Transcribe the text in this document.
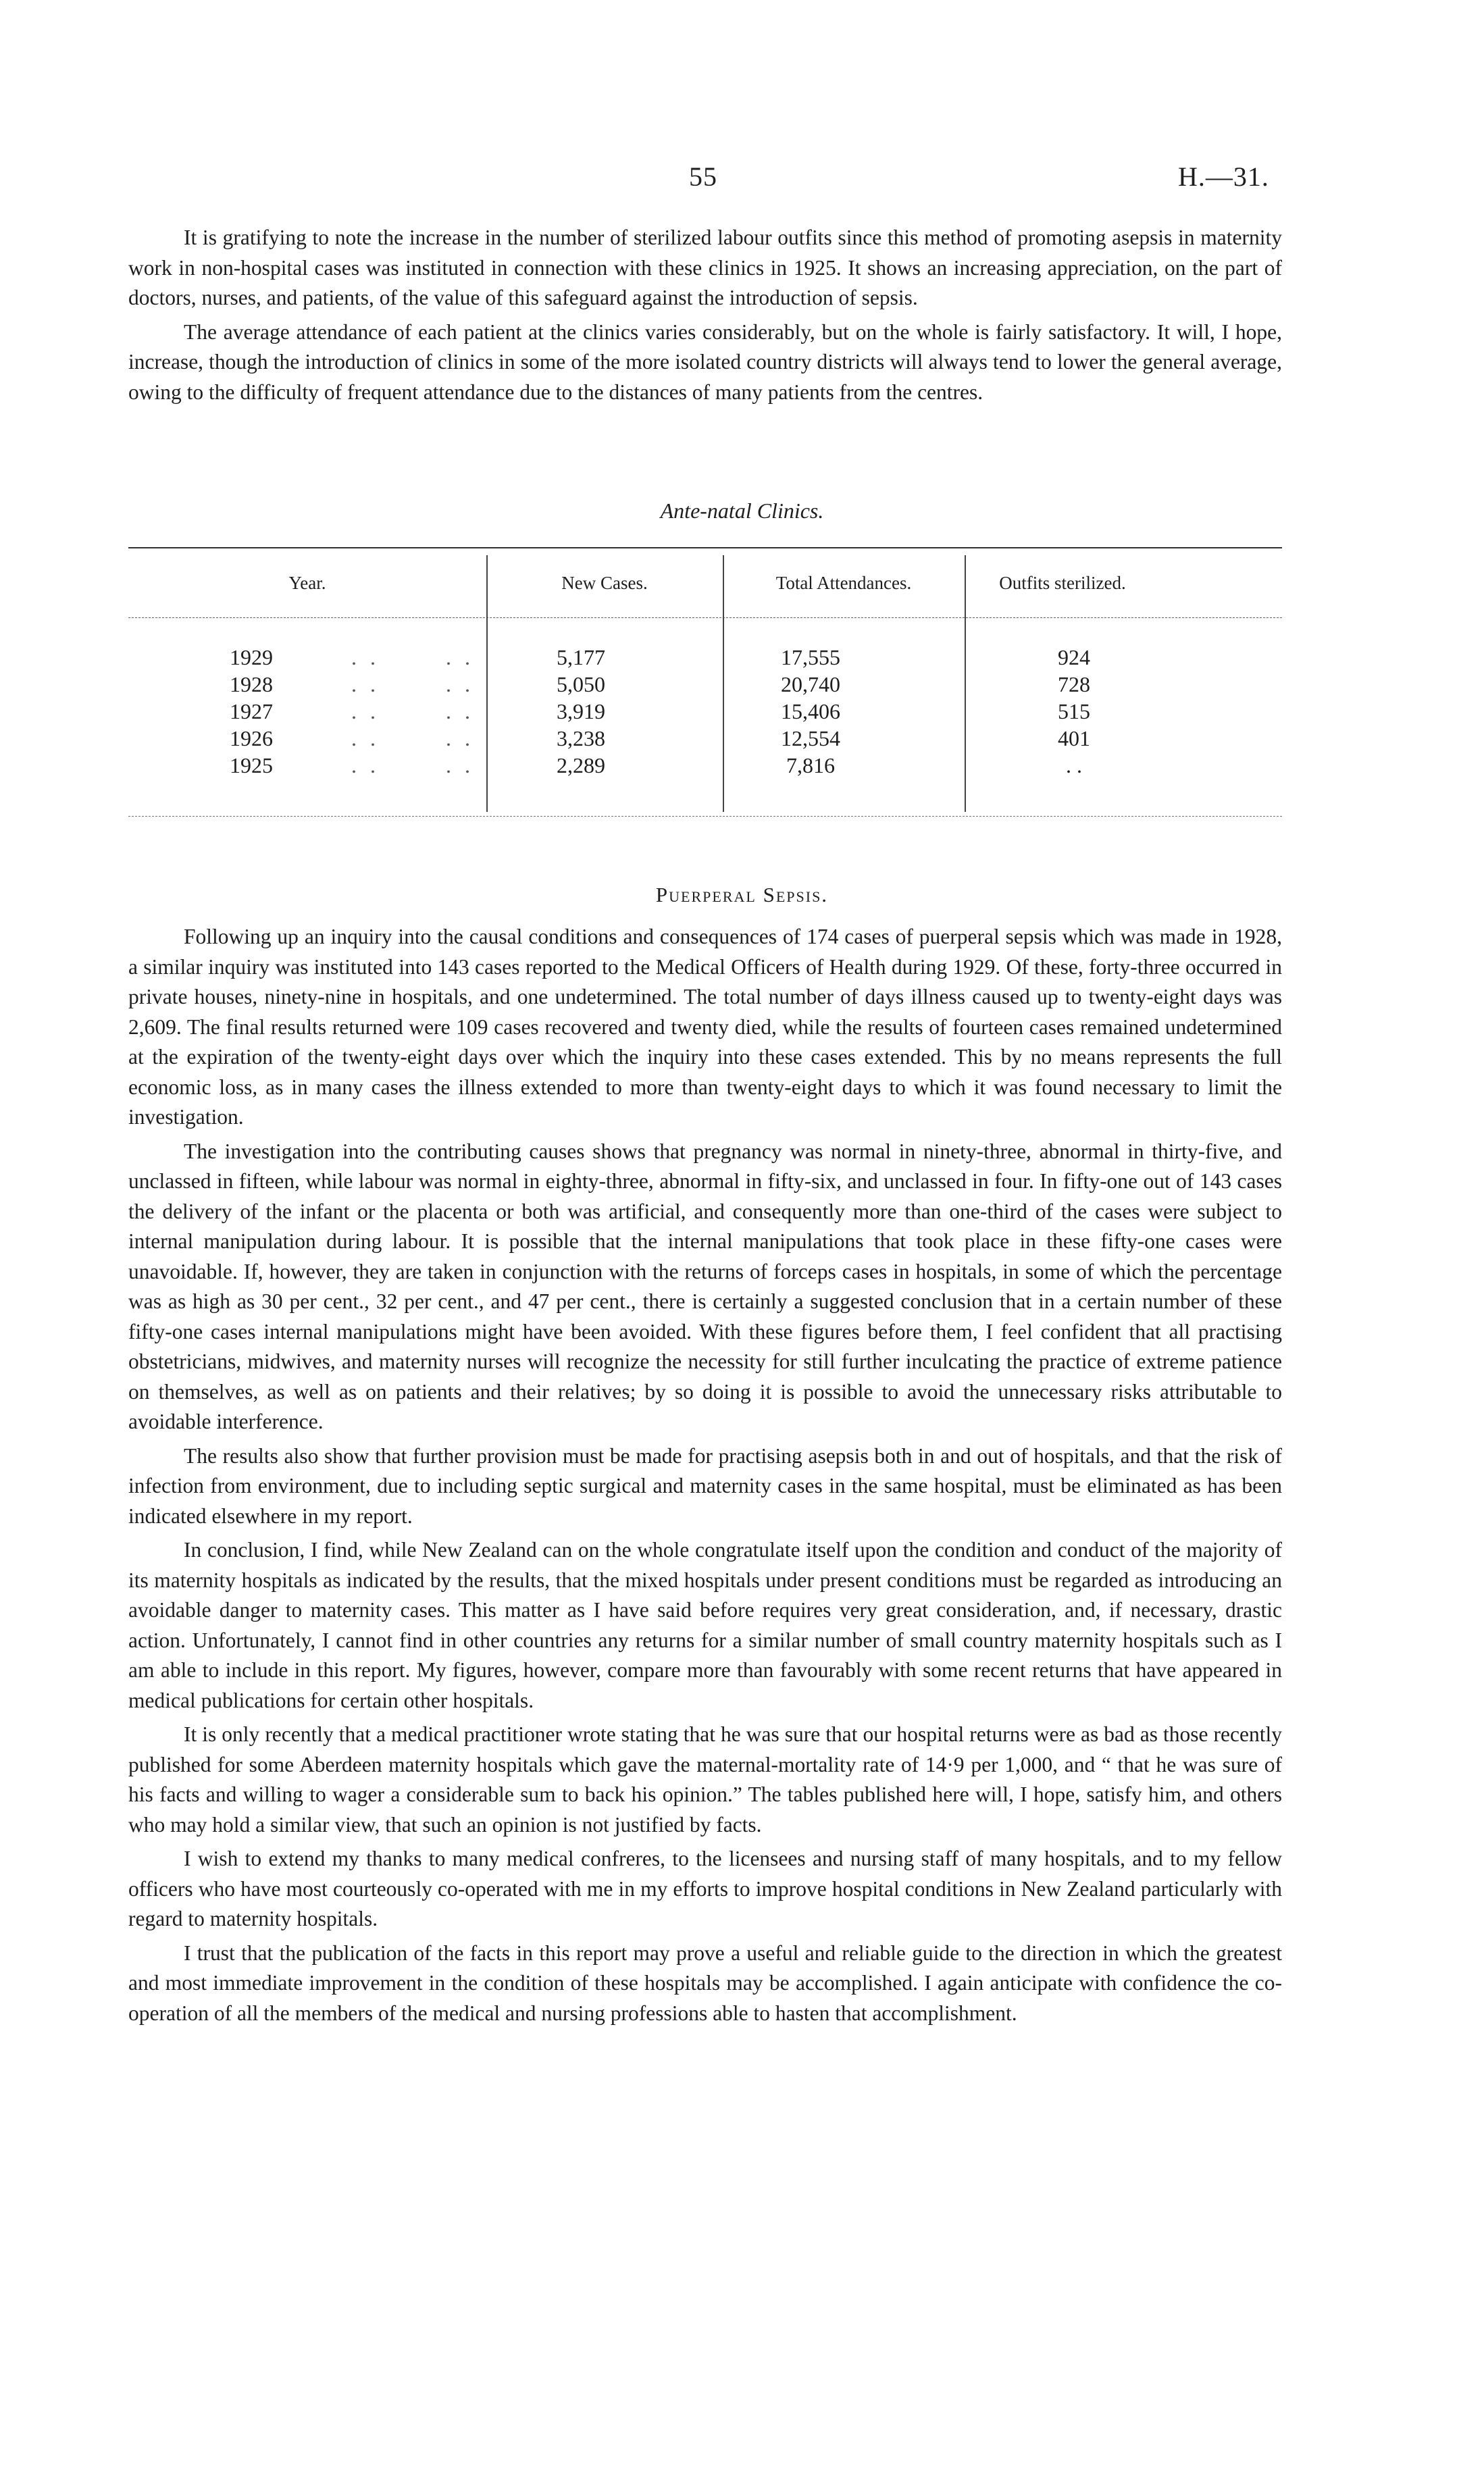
55	H.—31.

It is gratifying to note the increase in the number of sterilized labour outfits since this method of promoting asepsis in maternity work in non-hospital cases was instituted in connection with these clinics in 1925. It shows an increasing appreciation, on the part of doctors, nurses, and patients, of the value of this safeguard against the introduction of sepsis.

The average attendance of each patient at the clinics varies considerably, but on the whole is fairly satisfactory. It will, I hope, increase, though the introduction of clinics in some of the more isolated country districts will always tend to lower the general average, owing to the difficulty of frequent attendance due to the distances of many patients from the centres.

Ante-natal Clinics.
Year.	New Cases.	Total Attendances.	Outfits sterilized.
1929	. .	. .	5,177	17,555	924
1928	. .	. .	5,050	20,740	728
1927	. .	. .	3,919	15,406	515
1926	. .	. .	3,238	12,554	401
1925	. .	. .	2,289	7,816	. .
Puerperal Sepsis.

Following up an inquiry into the causal conditions and consequences of 174 cases of puerperal sepsis which was made in 1928, a similar inquiry was instituted into 143 cases reported to the Medical Officers of Health during 1929. Of these, forty-three occurred in private houses, ninety-nine in hospitals, and one undetermined. The total number of days illness caused up to twenty-eight days was 2,609. The final results returned were 109 cases recovered and twenty died, while the results of fourteen cases remained undetermined at the expiration of the twenty-eight days over which the inquiry into these cases extended. This by no means represents the full economic loss, as in many cases the illness extended to more than twenty-eight days to which it was found necessary to limit the investigation.

The investigation into the contributing causes shows that pregnancy was normal in ninety-three, abnormal in thirty-five, and unclassed in fifteen, while labour was normal in eighty-three, abnormal in fifty-six, and unclassed in four. In fifty-one out of 143 cases the delivery of the infant or the placenta or both was artificial, and consequently more than one-third of the cases were subject to internal manipulation during labour. It is possible that the internal manipulations that took place in these fifty-one cases were unavoidable. If, however, they are taken in conjunction with the returns of forceps cases in hospitals, in some of which the percentage was as high as 30 per cent., 32 per cent., and 47 per cent., there is certainly a suggested conclusion that in a certain number of these fifty-one cases internal manipulations might have been avoided. With these figures before them, I feel confident that all practising obstetricians, midwives, and maternity nurses will recognize the necessity for still further inculcating the practice of extreme patience on themselves, as well as on patients and their relatives; by so doing it is possible to avoid the unnecessary risks attributable to avoidable interference.

The results also show that further provision must be made for practising asepsis both in and out of hospitals, and that the risk of infection from environment, due to including septic surgical and maternity cases in the same hospital, must be eliminated as has been indicated elsewhere in my report.

In conclusion, I find, while New Zealand can on the whole congratulate itself upon the condition and conduct of the majority of its maternity hospitals as indicated by the results, that the mixed hospitals under present conditions must be regarded as introducing an avoidable danger to maternity cases. This matter as I have said before requires very great consideration, and, if necessary, drastic action. Unfortunately, I cannot find in other countries any returns for a similar number of small country maternity hospitals such as I am able to include in this report. My figures, however, compare more than favourably with some recent returns that have appeared in medical publications for certain other hospitals.

It is only recently that a medical practitioner wrote stating that he was sure that our hospital returns were as bad as those recently published for some Aberdeen maternity hospitals which gave the maternal-mortality rate of 14·9 per 1,000, and “ that he was sure of his facts and willing to wager a considerable sum to back his opinion.” The tables published here will, I hope, satisfy him, and others who may hold a similar view, that such an opinion is not justified by facts.

I wish to extend my thanks to many medical confreres, to the licensees and nursing staff of many hospitals, and to my fellow officers who have most courteously co-operated with me in my efforts to improve hospital conditions in New Zealand particularly with regard to maternity hospitals.

I trust that the publication of the facts in this report may prove a useful and reliable guide to the direction in which the greatest and most immediate improvement in the condition of these hospitals may be accomplished. I again anticipate with confidence the co-operation of all the members of the medical and nursing professions able to hasten that accomplishment.
